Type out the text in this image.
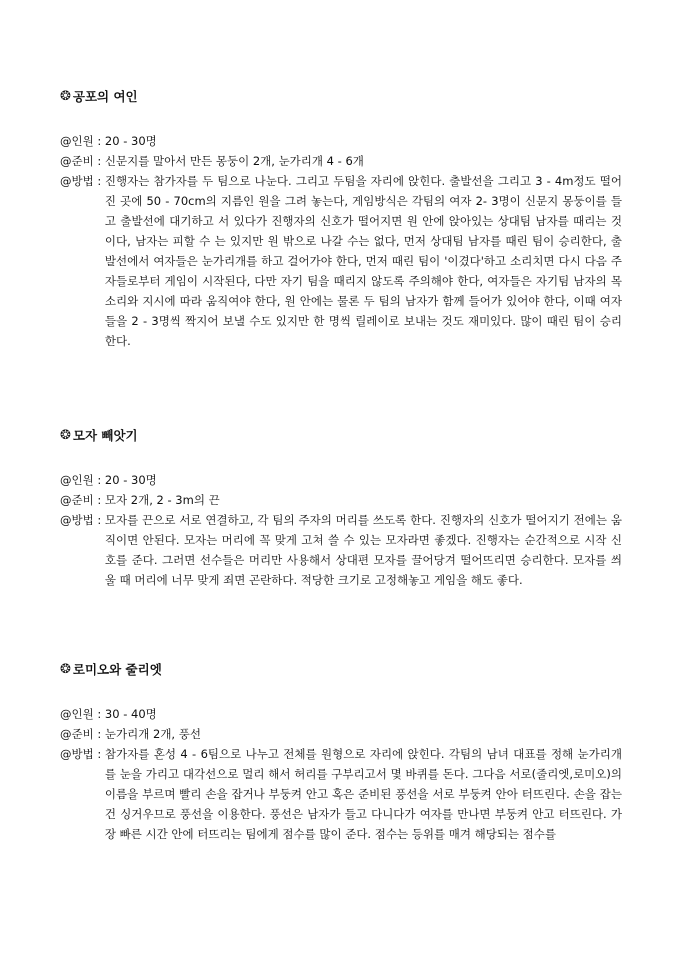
❂ 공포의 여인
@인원 : 20 - 30명
@준비 : 신문지를 말아서 만든 몽둥이 2개, 눈가리개 4 - 6개
@방법 : 진행자는 참가자를 두 팀으로 나눈다. 그리고 두팀을 자리에 앉힌다. 출발선을 그리고 3 - 4m정도 떨어진 곳에 50 - 70cm의 지름인 원을 그려 놓는다, 게임방식은 각팀의 여자 2- 3명이 신문지 몽둥이를 들고 출발선에 대기하고 서 있다가 진행자의 신호가 떨어지면 원 안에 앉아있는 상대팀 남자를 때리는 것이다, 남자는 피할 수 는 있지만 원 밖으로 나갈 수는 없다, 먼저 상대팀 남자를 때린 팀이 승리한다, 출발선에서 여자들은 눈가리개를 하고 걸어가야 한다, 먼저 때린 팀이 '이겼다'하고 소리치면 다시 다음 주자들로부터 게임이 시작된다, 다만 자기 팀을 때리지 않도록 주의해야 한다, 여자들은 자기팀 남자의 목소리와 지시에 따라 움직여야 한다, 원 안에는 물론 두 팀의 남자가 함께 들어가 있어야 한다, 이때 여자들을 2 - 3명씩 짝지어 보낼 수도 있지만 한 명씩 릴레이로 보내는 것도 재미있다. 많이 때린 팀이 승리한다.
❂ 모자 빼앗기
@인원 : 20 - 30명
@준비 : 모자 2개, 2 - 3m의 끈
@방법 : 모자를 끈으로 서로 연결하고, 각 팀의 주자의 머리를 쓰도록 한다. 진행자의 신호가 떨어지기 전에는 움직이면 안된다. 모자는 머리에 꼭 맞게 고쳐 쓸 수 있는 모자라면 좋겠다. 진행자는 순간적으로 시작 신호를 준다. 그러면 선수들은 머리만 사용해서 상대편 모자를 끌어당겨 떨어뜨리면 승리한다. 모자를 씌울 때 머리에 너무 맞게 죄면 곤란하다. 적당한 크기로 고정해놓고 게임을 해도 좋다.
❂ 로미오와 줄리엣
@인원 : 30 - 40명
@준비 : 눈가리개 2개, 풍선
@방법 : 참가자를 혼성 4 - 6팀으로 나누고 전체를 원형으로 자리에 앉힌다. 각팀의 남녀 대표를 정해 눈가리개를 눈을 가리고 대각선으로 멀리 해서 허리를 구부리고서 몇 바퀴를 돈다. 그다음 서로(줄리엣,로미오)의 이름을 부르며 빨리 손을 잡거나 부둥켜 안고 혹은 준비된 풍선을 서로 부둥켜 안아 터뜨린다. 손을 잡는 건 싱거우므로 풍선을 이용한다. 풍선은 남자가 들고 다니다가 여자를 만나면 부둥켜 안고 터뜨린다. 가장 빠른 시간 안에 터뜨리는 팀에게 점수를 많이 준다. 점수는 등위를 매겨 해당되는 점수를
